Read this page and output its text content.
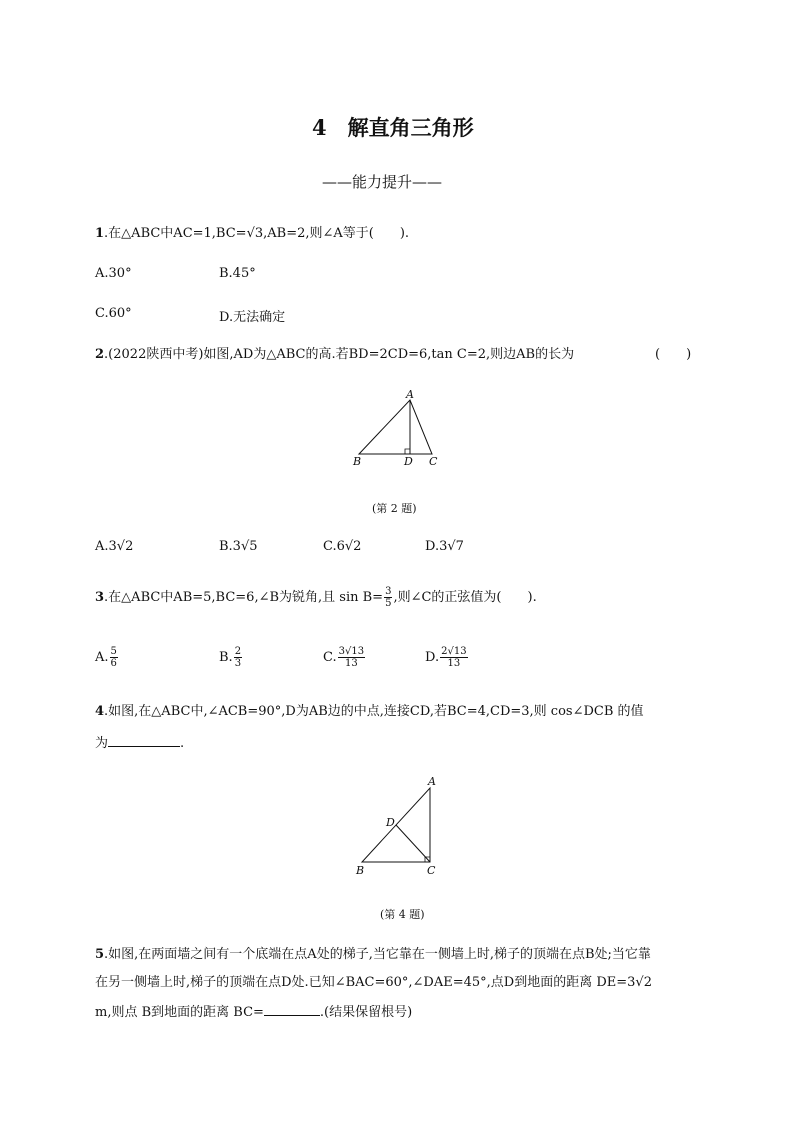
4　解直角三角形
——能力提升——
1.在△ABC中AC=1,BC=√3,AB=2,则∠A等于(　　).
A.30°	B.45°
C.60°	D.无法确定
2.(2022陕西中考)如图,AD为△ABC的高.若BD=2CD=6,tan C=2,则边AB的长为	(　　)
A
B	D C
(第 2 题)
A.3√2	B.3√5	C.6√2	D.3√7
3.在△ABC中AB=5,BC=6,∠B为锐角,且 $\sin B= \frac{3}{5}$ ,则∠C的正弦值为(　　).
A. $\frac{5}{6}$	B. $\frac{2}{3}$	C. $\frac{3√13}{13}$	D. $\frac{2√13}{13}$
4.如图,在△ABC中,∠ACB=90°,D为AB边的中点,连接CD,若BC=4,CD=3,则 cos∠DCB 的值
为	.
A
D
B	C
(第 4 题)
5.如图,在两面墙之间有一个底端在点A处的梯子,当它靠在一侧墙上时,梯子的顶端在点B处;当它靠
在另一侧墙上时,梯子的顶端在点D处.已知∠BAC=60°,∠DAE=45°,点D到地面的距离 DE=3√2
m,则点 B到地面的距离 BC=	.(结果保留根号)
